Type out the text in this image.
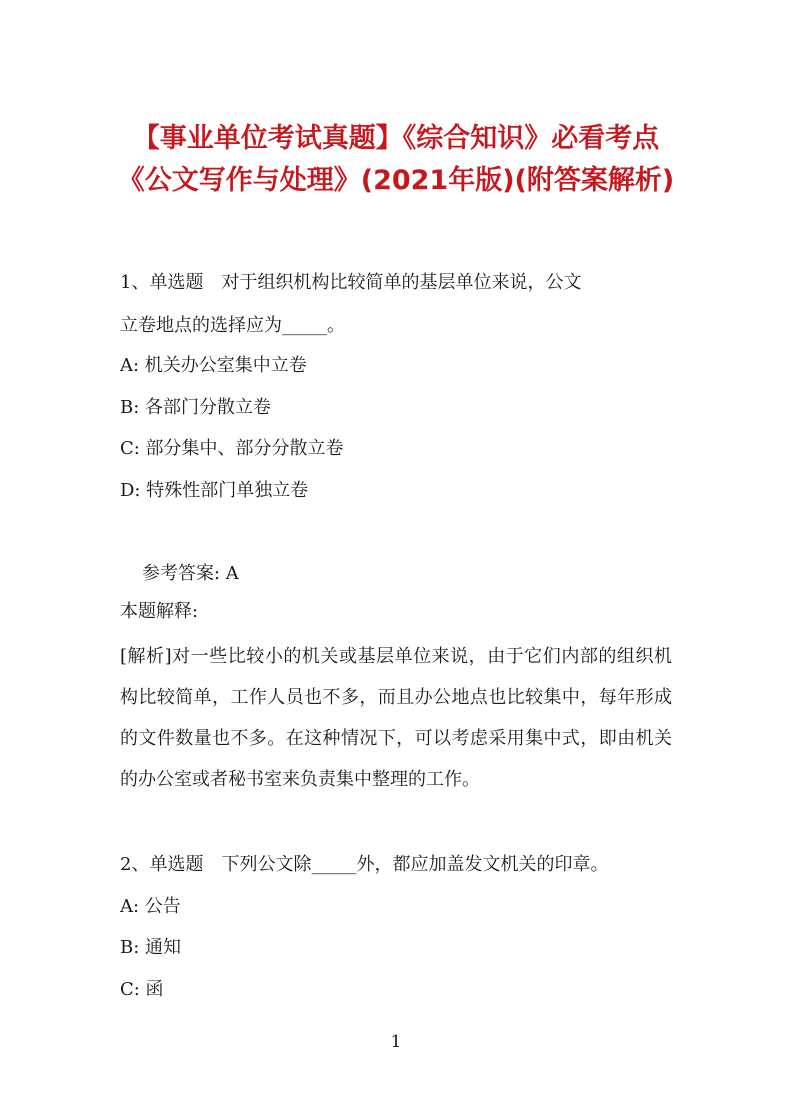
【事业单位考试真题】《综合知识》必看考点《公文写作与处理》(2021年版)(附答案解析)

1、单选题　对于组织机构比较简单的基层单位来说，公文

立卷地点的选择应为_____。

A: 机关办公室集中立卷

B: 各部门分散立卷

C: 部分集中、部分分散立卷

D: 特殊性部门单独立卷

参考答案: A

本题解释:

[解析]对一些比较小的机关或基层单位来说，由于它们内部的组织机构比较简单，工作人员也不多，而且办公地点也比较集中，每年形成的文件数量也不多。在这种情况下，可以考虑采用集中式，即由机关的办公室或者秘书室来负责集中整理的工作。

2、单选题　下列公文除_____外，都应加盖发文机关的印章。

A: 公告

B: 通知

C: 函

1
